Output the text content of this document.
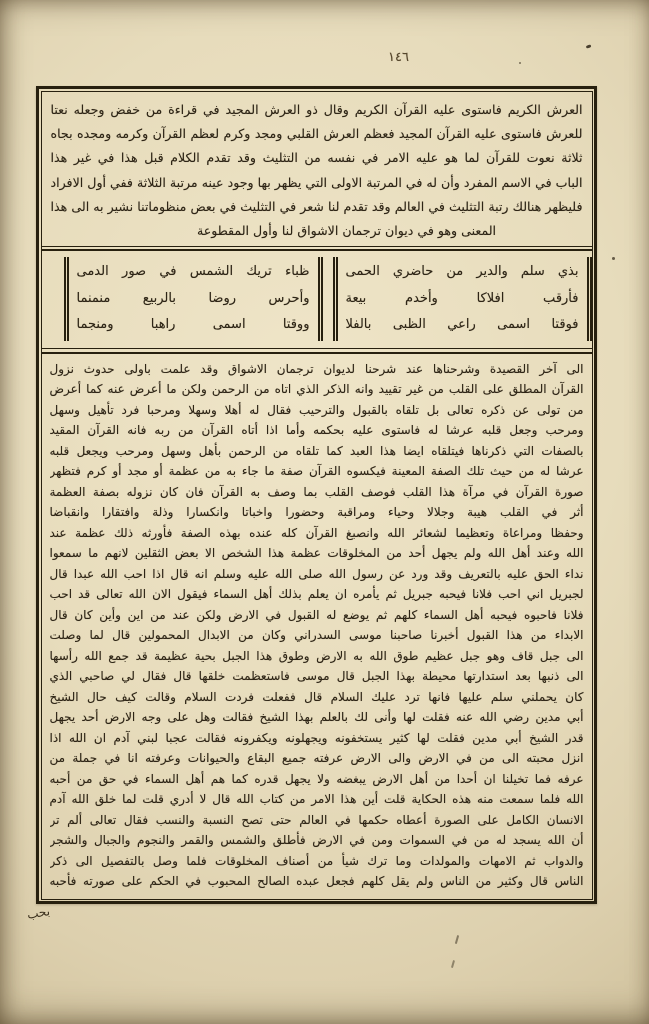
١٤٦
العرش الكريم فاستوى عليه القرآن الكريم وقال ذو العرش المجيد في قراءة من خفض وجعله نعتا
للعرش فاستوى عليه القرآن المجيد فعظم العرش القلبي ومجد وكرم لعظم القرآن وكرمه ومجده بجاه
ثلاثة نعوت للقرآن لما هو عليه الامر في نفسه من التثليث وقد تقدم الكلام قبل هذا في غير هذا
الباب في الاسم المفرد وأن له في المرتبة الاولى التي يظهر بها وجود عينه مرتبة الثلاثة ففي أول الافراد
فليظهر هنالك رتبة التثليث في العالم وقد تقدم لنا شعر في التثليث في بعض منظوماتنا نشير به الى هذا
المعنى وهو في ديوان ترجمان الاشواق لنا وأول المقطوعة
بذي سلم والدير من حاضري الحمى
فأرقب افلاكا وأخدم بيعة
فوقتا اسمى راعي الظبى بالفلا
ظباء تريك الشمس في صور الدمى
وأحرس روضا بالربيع منمنما
ووقتا اسمى راهبا ومنجما
الى آخر القصيدة وشرحناها عند شرحنا لديوان ترجمان الاشواق وقد علمت باولى حدوث نزول
القرآن المطلق على القلب من غير تقييد وانه الذكر الذي اتاه من الرحمن ولكن ما أعرض عنه كما أعرض
من تولى عن ذكره تعالى بل تلقاه بالقبول والترحيب فقال له أهلا وسهلا ومرحبا فرد تأهيل وسهل
ومرحب وجعل قلبه عرشا له فاستوى عليه بحكمه وأما اذا أتاه القرآن من ربه فانه القرآن المقيد
بالصفات التي ذكرناها فيتلقاه ايضا هذا العبد كما تلقاه من الرحمن بأهل وسهل ومرحب ويجعل قلبه
عرشا له من حيث تلك الصفة المعينة فيكسوه القرآن صفة ما جاء به من عظمة أو مجد أو كرم فتظهر
صورة القرآن في مرآة هذا القلب فوصف القلب بما وصف به القرآن فان كان نزوله بصفة العظمة
أثر في القلب هيبة وجلالا وحياء ومراقبة وحضورا واخباتا وانكسارا وذلة وافتقارا وانقباضا
وحفظا ومراعاة وتعظيما لشعائر الله وانصبغ القرآن كله عنده بهذه الصفة فأورثه ذلك عظمة عند
الله وعند أهل الله ولم يجهل أحد من المخلوقات عظمة هذا الشخص الا بعض الثقلين لانهم ما سمعوا
نداء الحق عليه بالتعريف وقد ورد عن رسول الله صلى الله عليه وسلم انه قال اذا احب الله عبدا قال
لجبريل اني احب فلانا فيحبه جبريل ثم يأمره ان يعلم بذلك أهل السماء فيقول الان الله تعالى قد احب
فلانا فاحبوه فيحبه أهل السماء كلهم ثم يوضع له القبول في الارض ولكن عند من اين وأين كان قال
الابداء من هذا القبول أخبرنا صاحبنا موسى السدراني وكان من الابدال المحمولين قال لما وصلت
الى جبل قاف وهو جبل عظيم طوق الله به الارض وطوق هذا الجبل بحية عظيمة قد جمع الله رأسها
الى ذنبها بعد استدارتها محيطة بهذا الجبل قال موسى فاستعظمت خلقها قال فقال لي صاحبي الذي
كان يحملني سلم عليها فانها ترد عليك السلام قال ففعلت فردت السلام وقالت كيف حال الشيخ
أبي مدين رضي الله عنه فقلت لها وأنى لك بالعلم بهذا الشيخ فقالت وهل على وجه الارض أحد يجهل
قدر الشيخ أبي مدين فقلت لها كثير يستخفونه ويجهلونه ويكفرونه فقالت عجبا لبني آدم ان الله اذا
انزل محبته الى من في الارض والى الارض عرفته جميع البقاع والحيوانات وعرفته انا في جملة من
عرفه فما تخيلنا ان أحدا من أهل الارض يبغضه ولا يجهل قدره كما هم أهل السماء في حق من أحبه
الله فلما سمعت منه هذه الحكاية قلت أين هذا الامر من كتاب الله قال لا أدري قلت لما خلق الله آدم
الانسان الكامل على الصورة أعطاه حكمها في العالم حتى تصح النسبة والنسب فقال تعالى ألم تر
أن الله يسجد له من في السموات ومن في الارض فأطلق والشمس والقمر والنجوم والجبال والشجر
والدواب ثم الامهات والمولدات وما ترك شيأ من أصناف المخلوقات فلما وصل بالتفصيل الى ذكر
الناس قال وكثير من الناس ولم يقل كلهم فجعل عبده الصالح المحبوب في الحكم على صورته فأحبه
بحب
